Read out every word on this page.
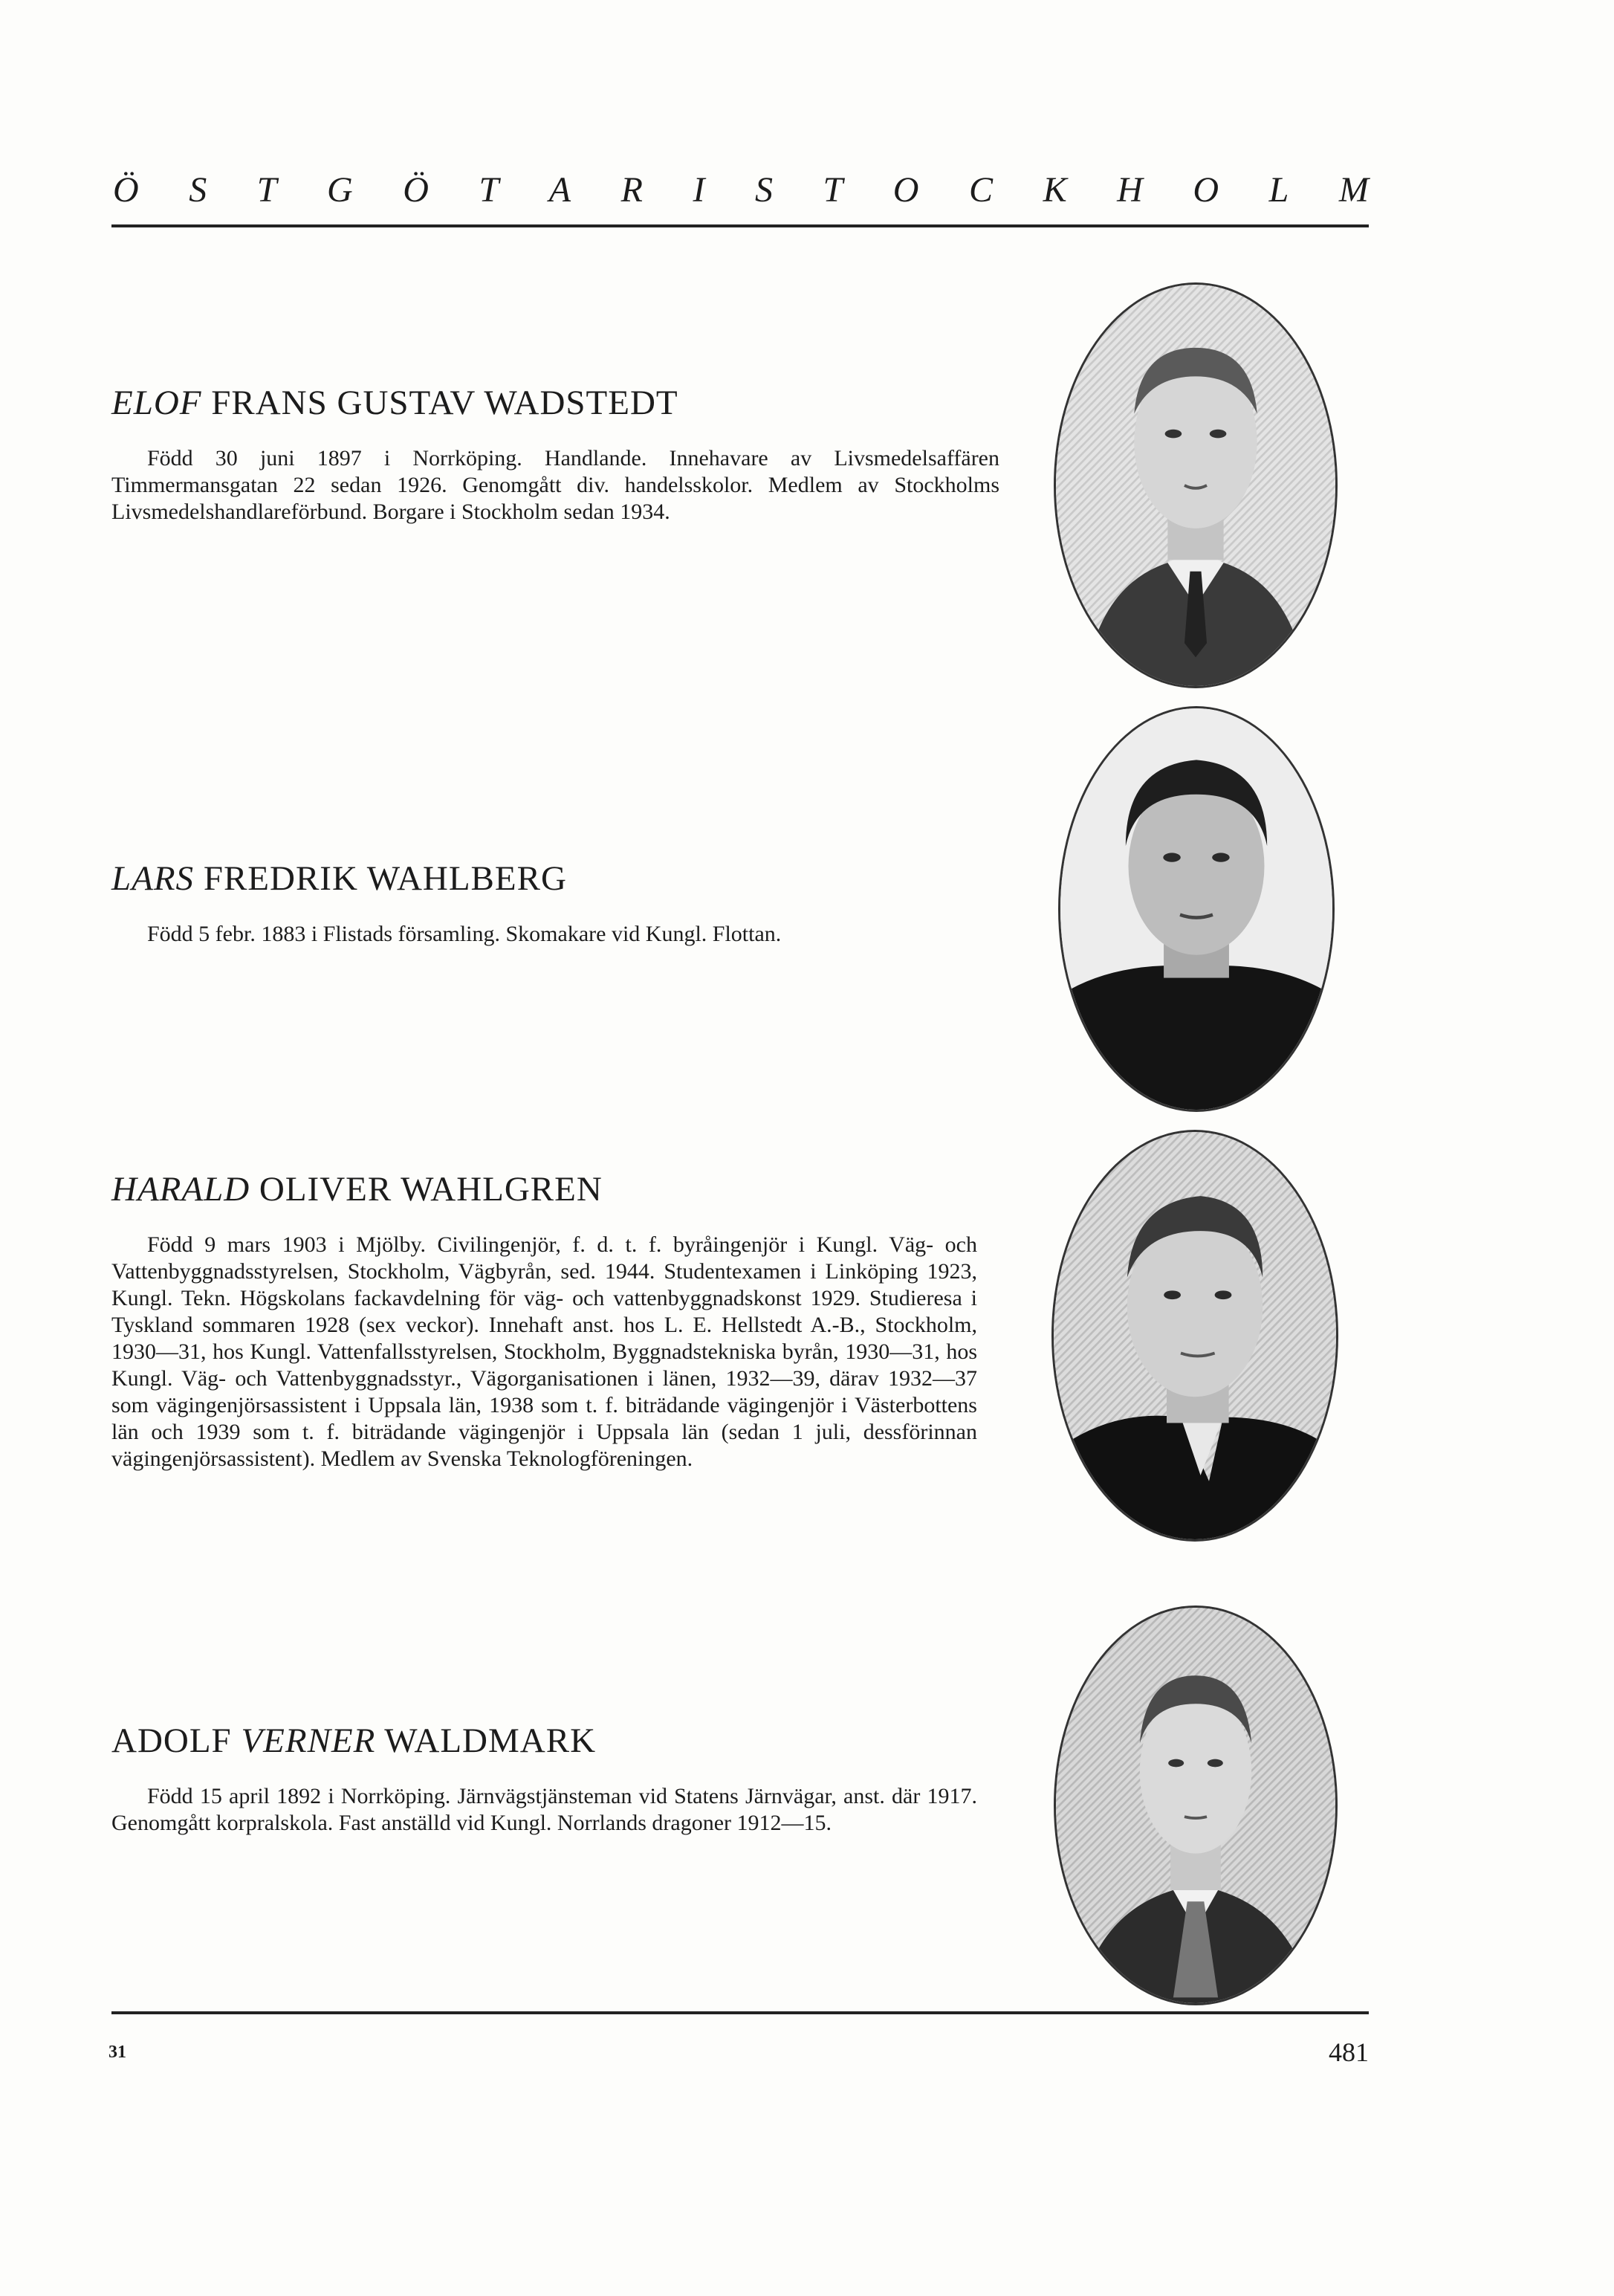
Ö S T G Ö T A R I S T O C K H O L M
ELOF FRANS GUSTAV WADSTEDT

Född 30 juni 1897 i Norrköping. Handlande. Innehavare av Livsmedelsaffären Timmermansgatan 22 sedan 1926. Genomgått div. handelsskolor. Medlem av Stockholms Livsmedelshandlareförbund. Borgare i Stockholm sedan 1934.

LARS FREDRIK WAHLBERG

Född 5 febr. 1883 i Flistads församling. Skomakare vid Kungl. Flottan.

HARALD OLIVER WAHLGREN

Född 9 mars 1903 i Mjölby. Civilingenjör, f. d. t. f. byråingenjör i Kungl. Väg- och Vattenbyggnadsstyrelsen, Stockholm, Vägbyrån, sed. 1944. Studentexamen i Linköping 1923, Kungl. Tekn. Högskolans fackavdelning för väg- och vattenbyggnadskonst 1929. Studieresa i Tyskland sommaren 1928 (sex veckor). Innehaft anst. hos L. E. Hellstedt A.-B., Stockholm, 1930—31, hos Kungl. Vattenfallsstyrelsen, Stockholm, Byggnadstekniska byrån, 1930—31, hos Kungl. Väg- och Vattenbyggnadsstyr., Vägorganisationen i länen, 1932—39, därav 1932—37 som vägingenjörsassistent i Uppsala län, 1938 som t. f. biträdande vägingenjör i Västerbottens län och 1939 som t. f. biträdande vägingenjör i Uppsala län (sedan 1 juli, dessförinnan vägingenjörsassistent). Medlem av Svenska Teknologföreningen.

ADOLF VERNER WALDMARK

Född 15 april 1892 i Norrköping. Järnvägstjänsteman vid Statens Järnvägar, anst. där 1917. Genomgått korpralskola. Fast anställd vid Kungl. Norrlands dragoner 1912—15.

31	481
